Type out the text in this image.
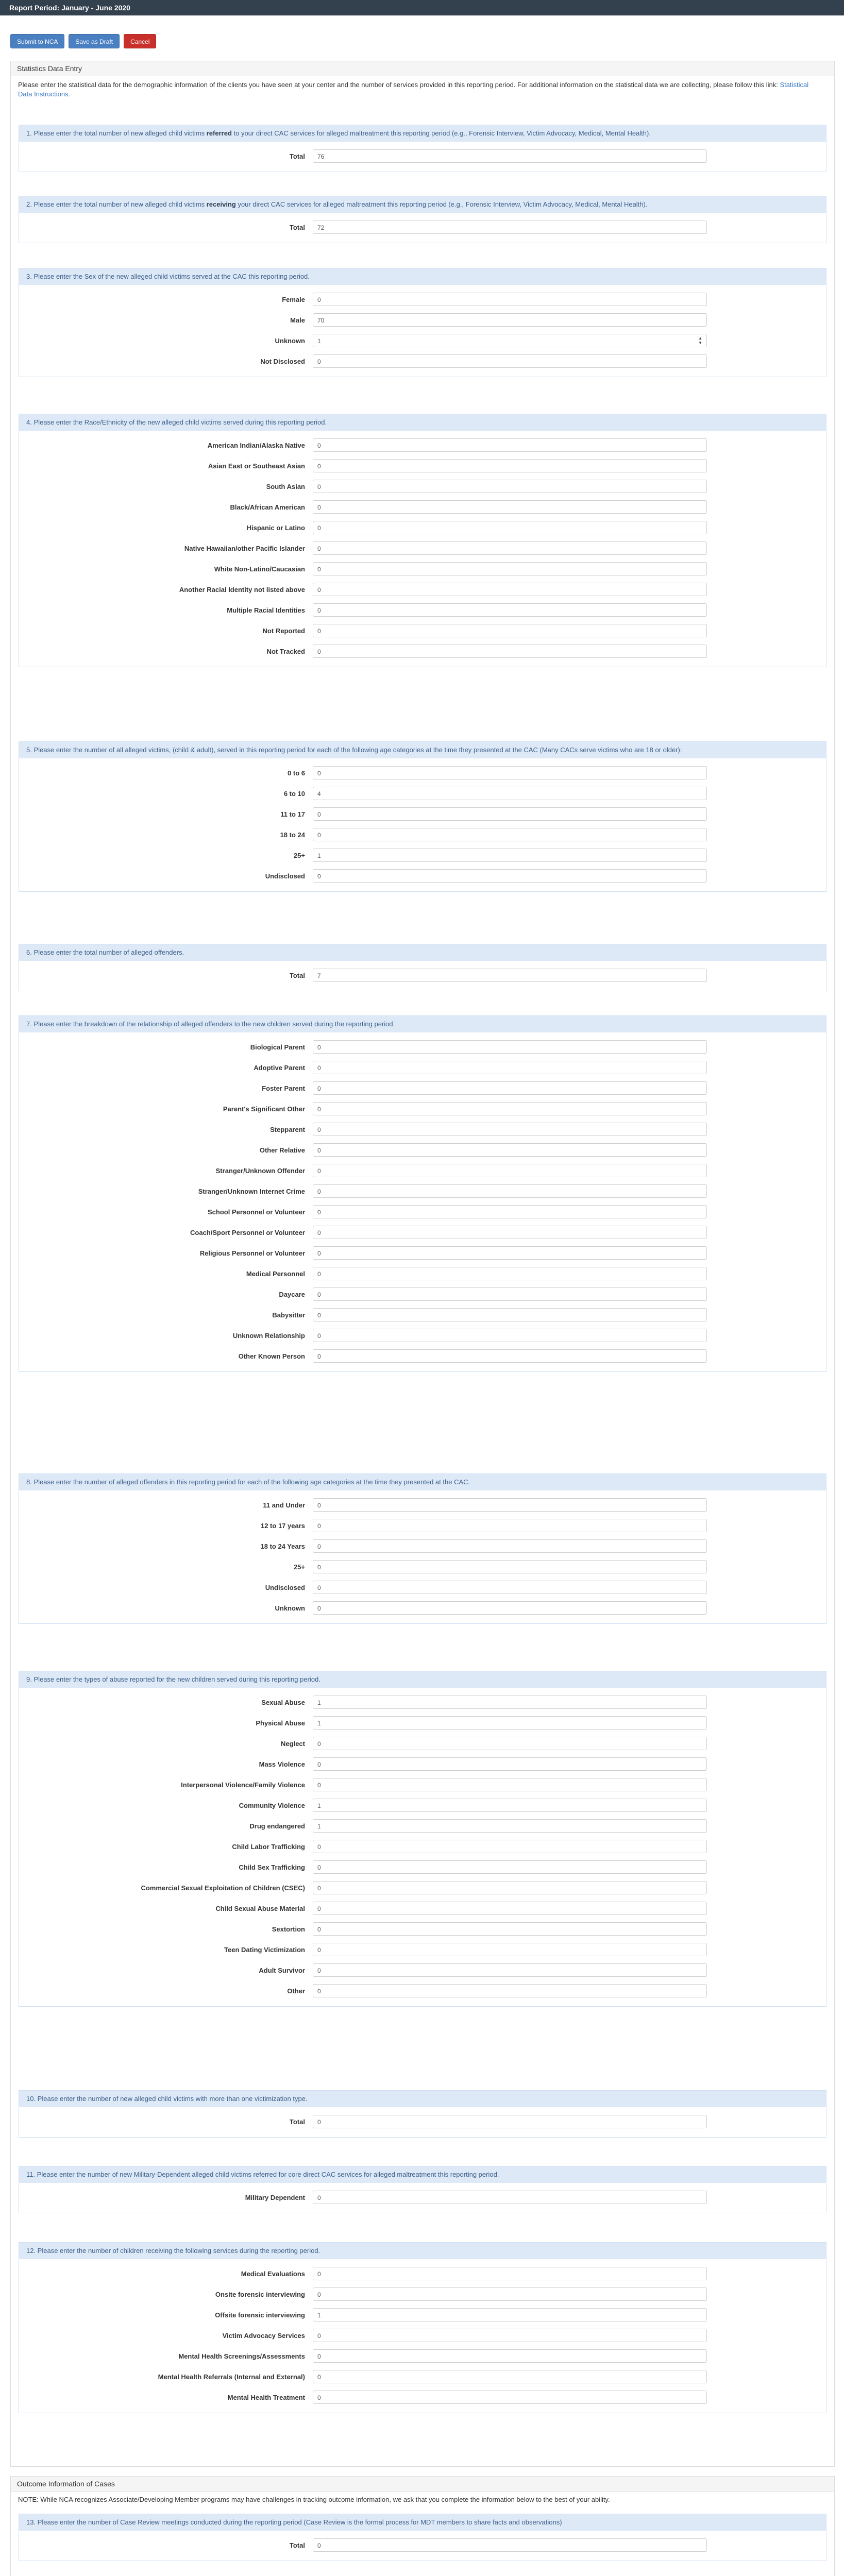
Report Period: January - June 2020
Submit to NCA	Save as Draft	Cancel
Statistics Data Entry
Please enter the statistical data for the demographic information of the clients you have seen at your center and the number of services provided in this reporting period. For additional information on the statistical data we are collecting, please follow this link: Statistical Data Instructions.
1. Please enter the total number of new alleged child victims referred to your direct CAC services for alleged maltreatment this reporting period (e.g., Forensic Interview, Victim Advocacy, Medical, Mental Health).
Total	76
2. Please enter the total number of new alleged child victims receiving your direct CAC services for alleged maltreatment this reporting period (e.g., Forensic Interview, Victim Advocacy, Medical, Mental Health).
Total	72
3. Please enter the Sex of the new alleged child victims served at the CAC this reporting period.
Female	0
Male	70
Unknown	1	▲
▼
Not Disclosed	0
4. Please enter the Race/Ethnicity of the new alleged child victims served during this reporting period.
American Indian/Alaska Native	0
Asian East or Southeast Asian	0
South Asian	0
Black/African American	0
Hispanic or Latino	0
Native Hawaiian/other Pacific Islander	0
White Non-Latino/Caucasian	0
Another Racial Identity not listed above	0
Multiple Racial Identities	0
Not Reported	0
Not Tracked	0
5. Please enter the number of all alleged victims, (child & adult), served in this reporting period for each of the following age categories at the time they presented at the CAC (Many CACs serve victims who are 18 or older):
0 to 6	0
6 to 10	4
11 to 17	0
18 to 24	0
25+	1
Undisclosed	0
6. Please enter the total number of alleged offenders.
Total	7
7. Please enter the breakdown of the relationship of alleged offenders to the new children served during the reporting period.
Biological Parent	0
Adoptive Parent	0
Foster Parent	0
Parent's Significant Other	0
Stepparent	0
Other Relative	0
Stranger/Unknown Offender	0
Stranger/Unknown Internet Crime	0
School Personnel or Volunteer	0
Coach/Sport Personnel or Volunteer	0
Religious Personnel or Volunteer	0
Medical Personnel	0
Daycare	0
Babysitter	0
Unknown Relationship	0
Other Known Person	0
8. Please enter the number of alleged offenders in this reporting period for each of the following age categories at the time they presented at the CAC.
11 and Under	0
12 to 17 years	0
18 to 24 Years	0
25+	0
Undisclosed	0
Unknown	0
9. Please enter the types of abuse reported for the new children served during this reporting period.
Sexual Abuse	1
Physical Abuse	1
Neglect	0
Mass Violence	0
Interpersonal Violence/Family Violence	0
Community Violence	1
Drug endangered	1
Child Labor Trafficking	0
Child Sex Trafficking	0
Commercial Sexual Exploitation of Children (CSEC)	0
Child Sexual Abuse Material	0
Sextortion	0
Teen Dating Victimization	0
Adult Survivor	0
Other	0
10. Please enter the number of new alleged child victims with more than one victimization type.
Total	0
11. Please enter the number of new Military-Dependent alleged child victims referred for core direct CAC services for alleged maltreatment this reporting period.
Military Dependent	0
12. Please enter the number of children receiving the following services during the reporting period.
Medical Evaluations	0
Onsite forensic interviewing	0
Offsite forensic interviewing	1
Victim Advocacy Services	0
Mental Health Screenings/Assessments	0
Mental Health Referrals (Internal and External)	0
Mental Health Treatment	0
Outcome Information of Cases
NOTE: While NCA recognizes Associate/Developing Member programs may have challenges in tracking outcome information, we ask that you complete the information below to the best of your ability.
13. Please enter the number of Case Review meetings conducted during the reporting period (Case Review is the formal process for MDT members to share facts and observations)
Total	0
